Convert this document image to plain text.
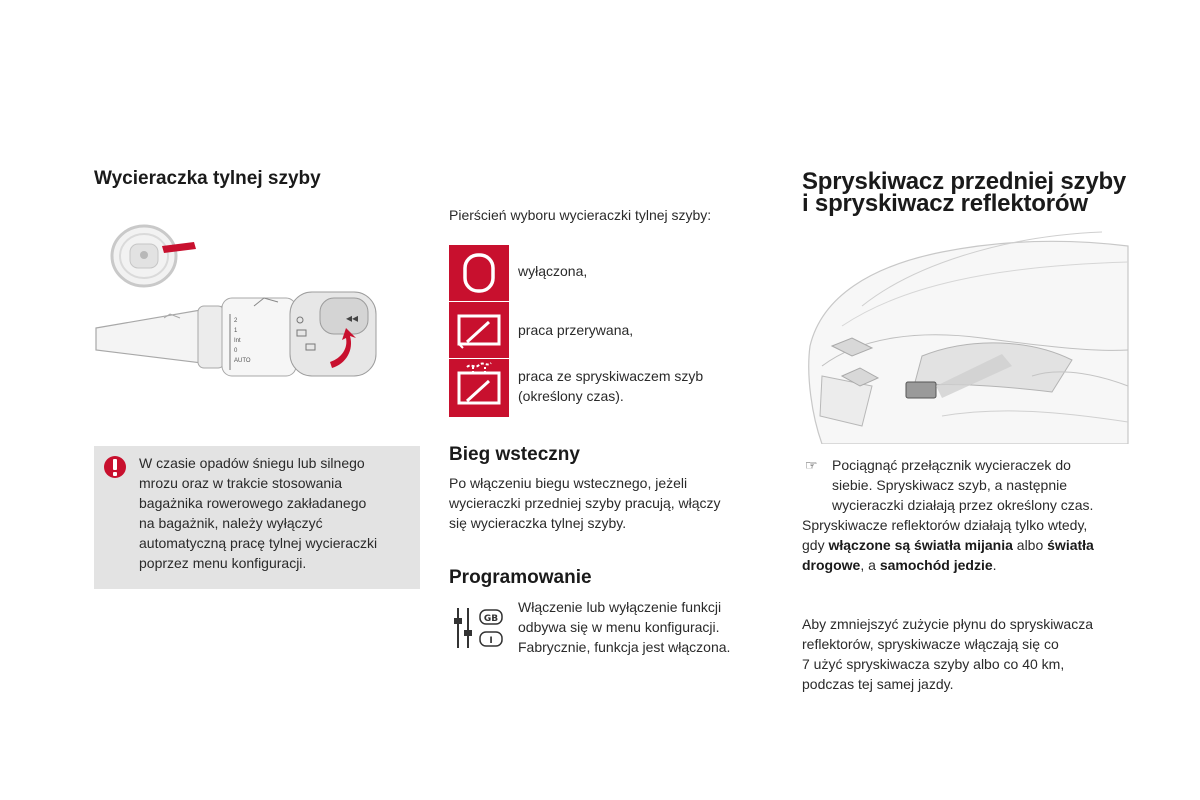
Wycieraczka tylnej szyby
◂◂
2
1
Int
0
AUTO
W czasie opadów śniegu lub silnego
mrozu oraz w trakcie stosowania
bagażnika rowerowego zakładanego
na bagażnik, należy wyłączyć
automatyczną pracę tylnej wycieraczki
poprzez menu konfiguracji.
Pierścień wyboru wycieraczki tylnej szyby:
wyłączona,
praca przerywana,
praca ze spryskiwaczem szyb
(określony czas).
Bieg wsteczny
Po włączeniu biegu wstecznego, jeżeli
wycieraczki przedniej szyby pracują, włączy
się wycieraczka tylnej szyby.
Programowanie
GB
I
Włączenie lub wyłączenie funkcji
odbywa się w menu konfiguracji.
Fabrycznie, funkcja jest włączona.
Spryskiwacz przedniej szyby
i spryskiwacz reflektorów
☞ Pociągnąć przełącznik wycieraczek do
siebie. Spryskiwacz szyb, a następnie
wycieraczki działają przez określony czas.
Spryskiwacze reflektorów działają tylko wtedy,
gdy włączone są światła mijania albo światła
drogowe, a samochód jedzie.
Aby zmniejszyć zużycie płynu do spryskiwacza
reflektorów, spryskiwacze włączają się co
7 użyć spryskiwacza szyby albo co 40 km,
podczas tej samej jazdy.
